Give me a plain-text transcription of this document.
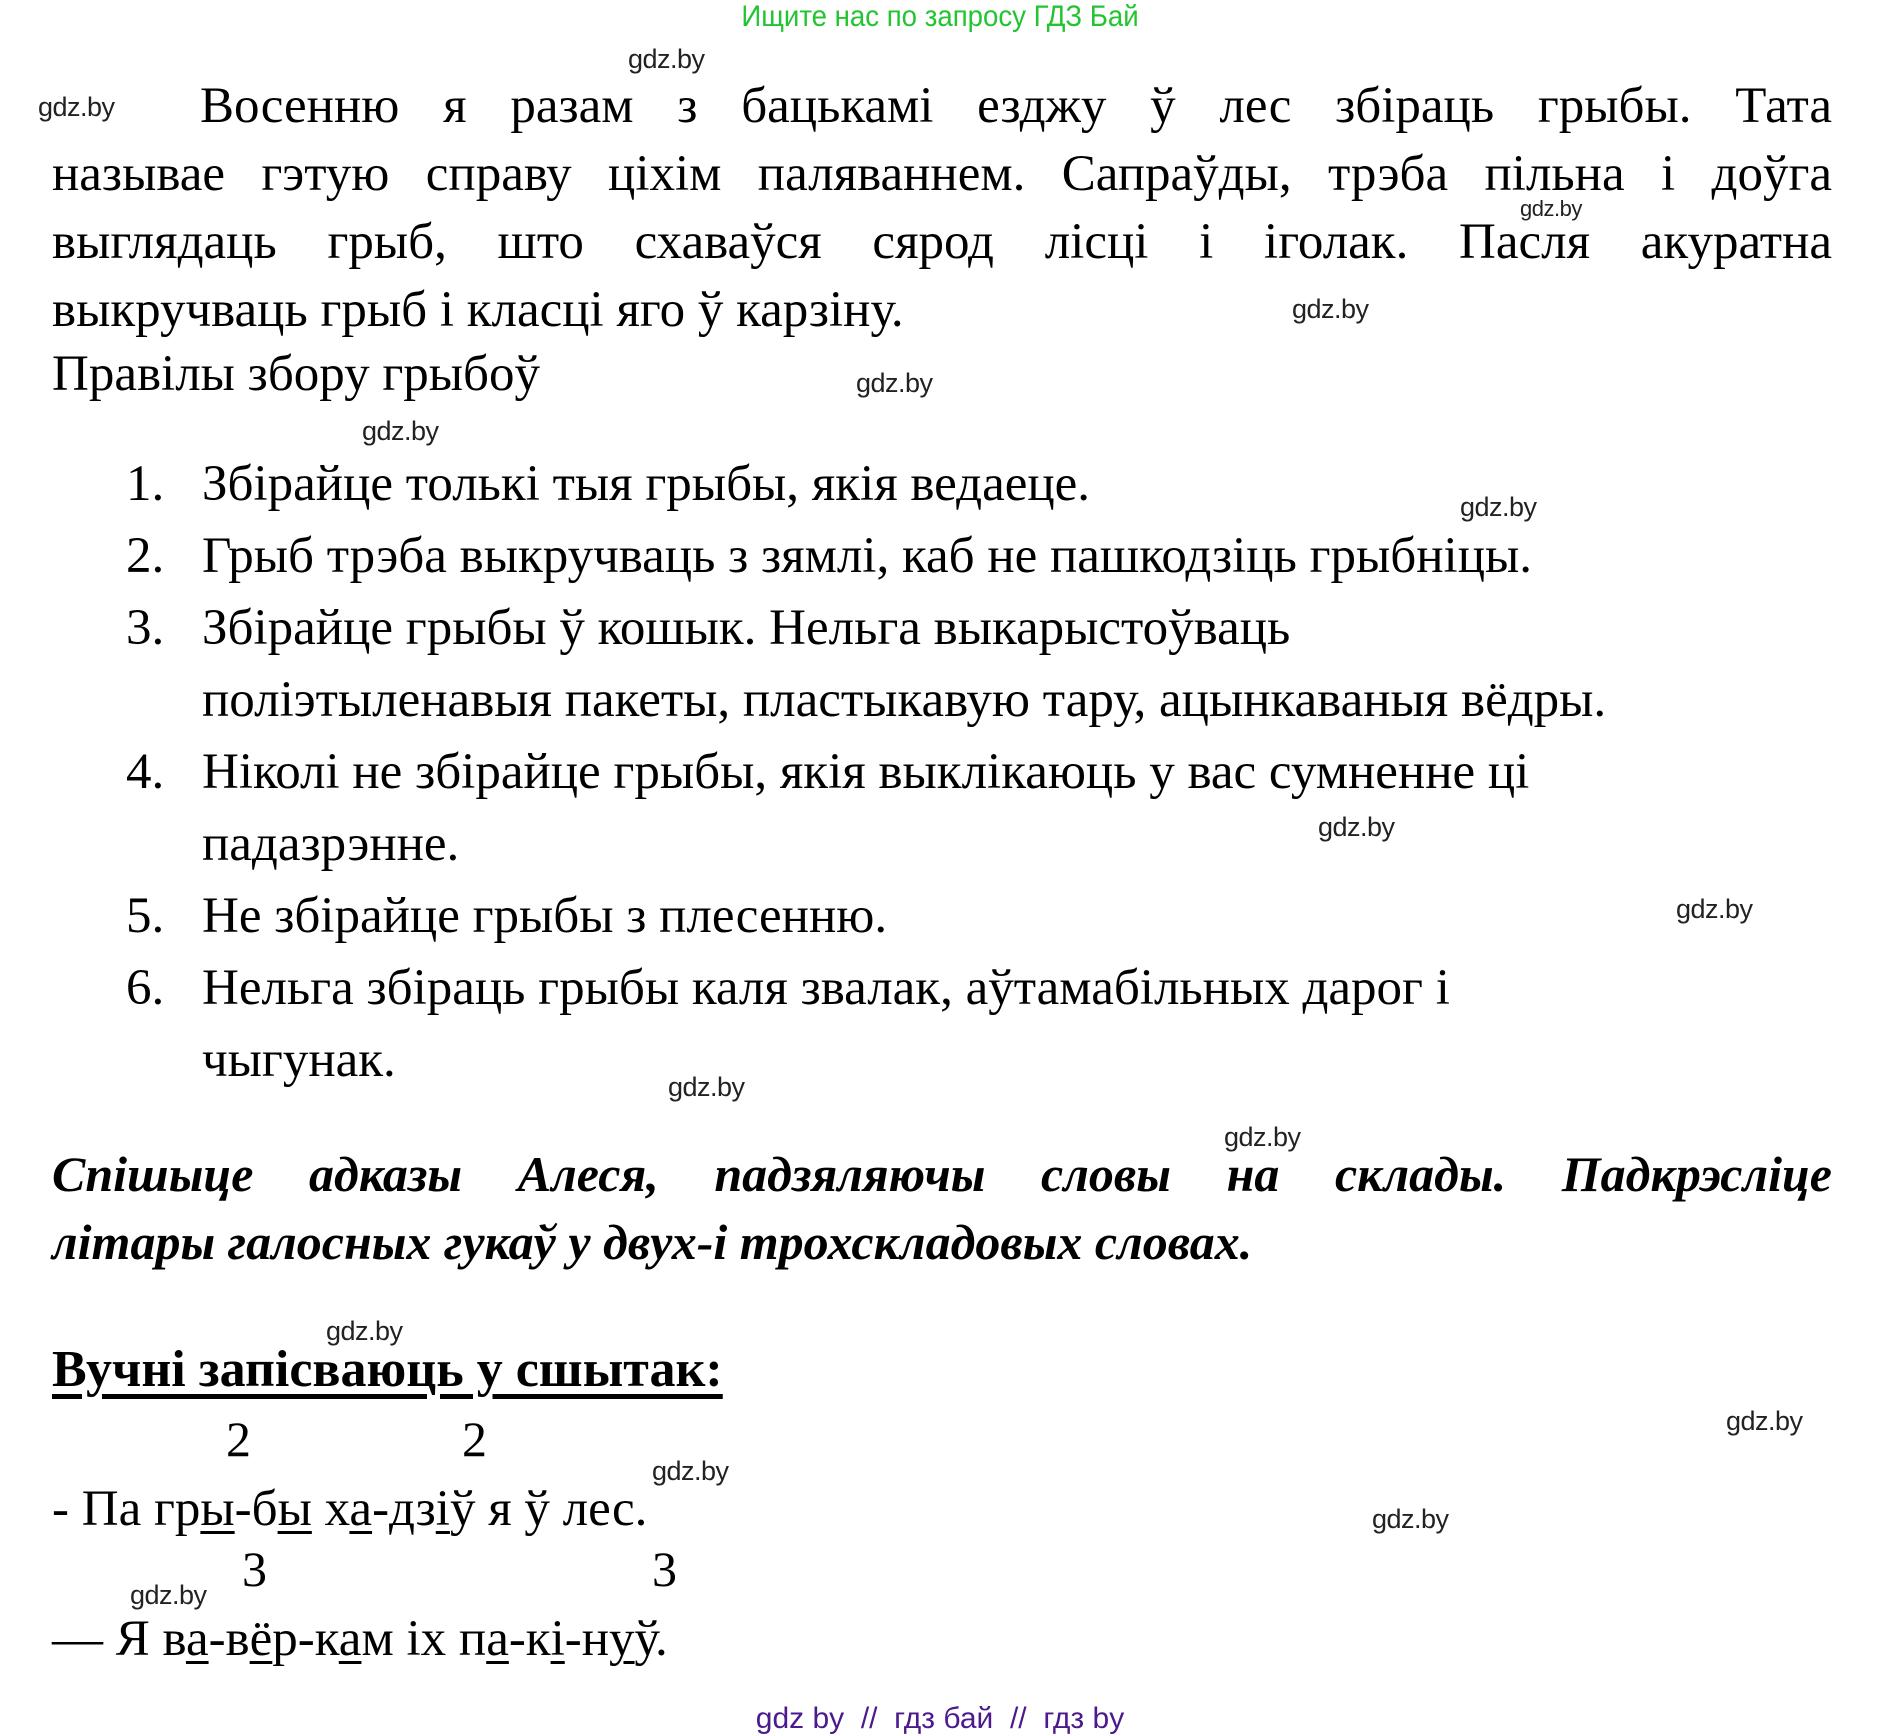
Ищите нас по запросу ГДЗ Бай
gdz.by
gdz.by
gdz.by
gdz.by
gdz.by
gdz.by
gdz.by
gdz.by
gdz.by
gdz.by
gdz.by
gdz.by
gdz.by
gdz.by
gdz.by
gdz.by
Восенню я разам з бацькамі езджу ў лес збіраць грыбы. Тата
называе гэтую справу ціхім паляваннем. Сапраўды, трэба пільна і доўга
выглядаць грыб, што схаваўся сярод лісці і іголак. Пасля акуратна
выкручваць грыб і класці яго ў карзіну.
Правілы збору грыбоў
1. Збірайце толькі тыя грыбы, якія ведаеце.
2. Грыб трэба выкручваць з зямлі, каб не пашкодзіць грыбніцы.
3. Збірайце грыбы ў кошык. Нельга выкарыстоўваць
поліэтыленавыя пакеты, пластыкавую тару, ацынкаваныя вёдры.
4. Ніколі не збірайце грыбы, якія выклікаюць у вас сумненне ці
падазрэнне.
5. Не збірайце грыбы з плесенню.
6. Нельга збіраць грыбы каля звалак, аўтамабільных дарог і
чыгунак.
Спішыце адказы Алеся, падзяляючы словы на склады. Падкрэсліце
літары галосных гукаў у двух-і трохскладовых словах.
Вучні запісваюць у сшытак:
2	2
- Па гры-бы ха-дзіў я ў лес.
3	3
— Я ва-вёр-кам іх па-кі-нуў.
gdz by  //  гдз бай  //  гдз by
